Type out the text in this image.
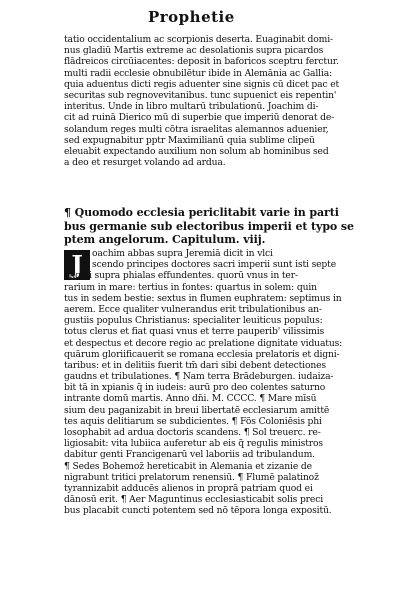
Prophetie
tatio occidentalium ac scorpionis deserta. Euaginabit domi-
nus gladiū Martis extreme ac desolationis supra picardos
flādreicos circūiacentes: deposit in baforicos sceptru ferctur.
multi radii ecclesie obnubilētur ibide in Alemānia ac Gallia:
quia aduentus dicti regis aduenter sine signis cū dicet pac et
securitas sub regnovevitanibus. tunc supuenict eis repentin'
interitus. Unde in libro multarū tribulationū. Joachim di-
cit ad ruinā Dierico mū di superbie que imperiū denorat de-
solandum reges multi cōtra israelitas alemannos aduenier,
sed expugnabitur pptr Maximilianū quia sublime clipeū
eleuabit expectando auxilium non solum ab hominibus sed
a deo et resurget volando ad ardua.
¶ Quomodo ecclesia periclitabit varie in parti
bus germanie sub electoribus imperii et typo se
ptem angelorum. Capitulum. viij.
J	oachim abbas supra Jeremiā dicit in vlci
scendo principes doctores sacri imperii sunt isti septe
angeli supra phialas effundentes. quorū vnus in ter-
rarium in mare: tertius in fontes: quartus in solem: quin
tus in sedem bestie: sextus in flumen euphratem: septimus in
aerem. Ecce qualiter vulnerandus erit tribulationibus an-
gustiis populus Christianus: specialiter leuiticus populus:
totus clerus et fiat quasi vnus et terre pauperib' vilissimis
et despectus et decore regio ac prelatione dignitate viduatus:
quārum gloriificauerit se romana ecclesia prelatoris et digni-
taribus: et in delitiis fuerit tm̄ dari sibi debent detectiones
gaudns et tribulationes. ¶ Nam terra Brādeburgen. iudaiza-
bit tā in xpianis q̄ in iudeis: aurū pro deo colentes saturno
intrante domū martis. Anno dn̄i. M. CCCC. ¶ Mare mīsū
sium deu paganizabit in breui libertatē ecclesiarum amittē
tes aquis delitiarum se subdicientes. ¶ Fōs Coloniēsis phi
losophabit ad ardua doctoris scandens. ¶ Sol treuerc. re-
ligiosabit: vita lubiica auferetur ab eis q̄ regulis ministros
dabitur genti Francigenarū vel laboriis ad tribulandum.
¶ Sedes Bohemoz̄ hereticabit in Alemania et zizanie de
nigrabunt tritici prelatorum renensiū. ¶ Flumē palatinoz̄
tyrannizabit adducēs alienos in proprā patriam quod ei
dānosū erit. ¶ Aer Maguntinus ecclesiasticabit solis preci
bus placabit cuncti potentem sed nō tēpora longa expositū.
